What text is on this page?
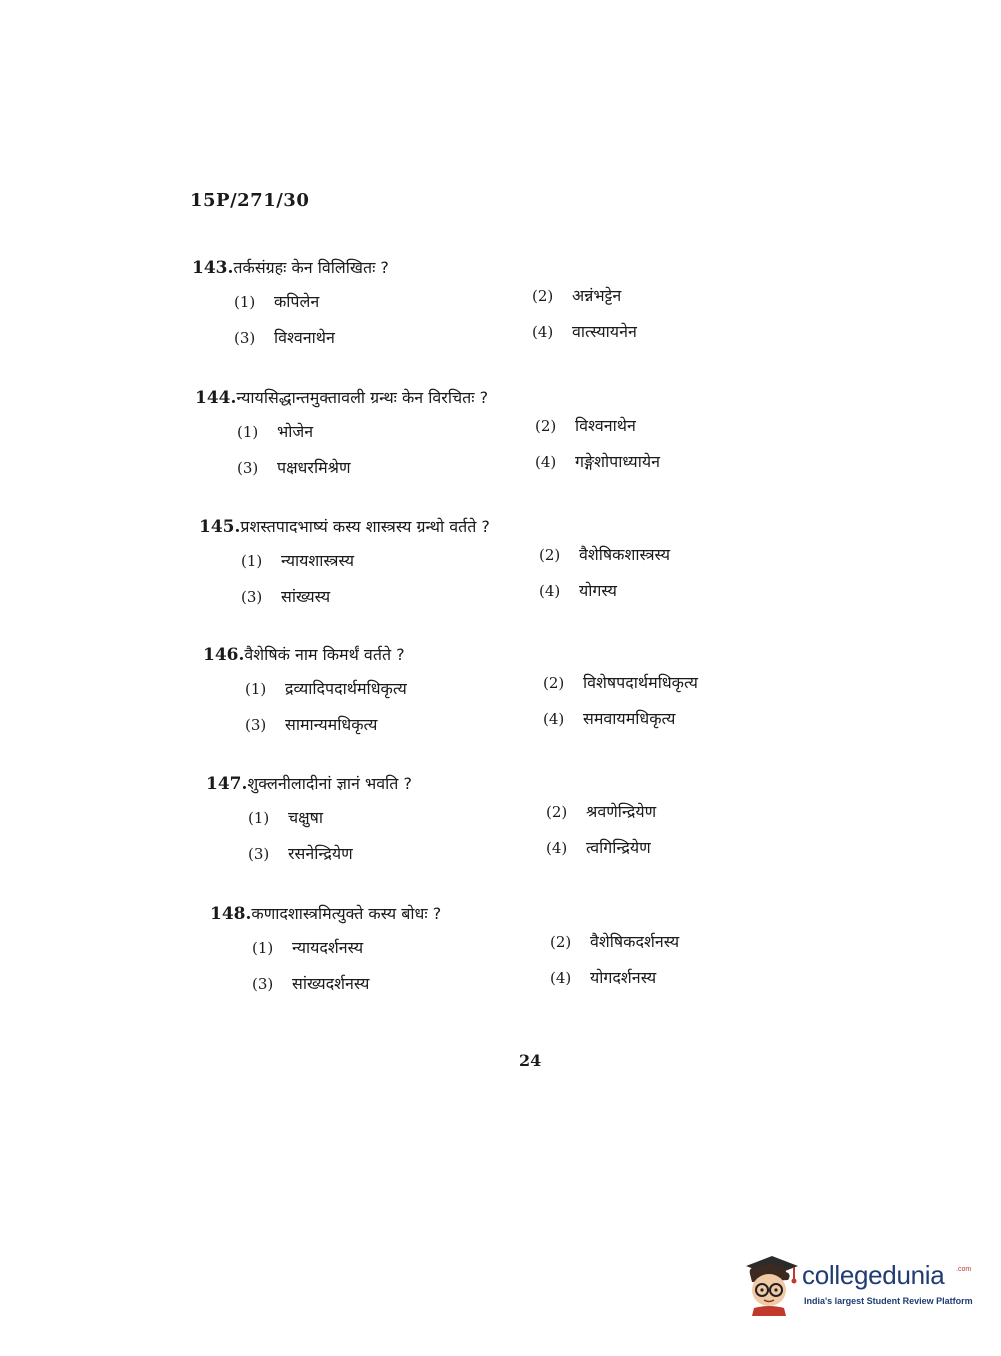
15P/271/30
143.तर्कसंग्रहः केन विलिखितः ?
(1) कपिलेन	(2) अन्नंभट्टेन
(3) विश्वनाथेन	(4) वात्स्यायनेन
144.न्यायसिद्धान्तमुक्तावली ग्रन्थः केन विरचितः ?
(1) भोजेन	(2) विश्वनाथेन
(3) पक्षधरमिश्रेण	(4) गङ्गेशोपाध्यायेन
145.प्रशस्तपादभाष्यं कस्य शास्त्रस्य ग्रन्थो वर्तते ?
(1) न्यायशास्त्रस्य	(2) वैशेषिकशास्त्रस्य
(3) सांख्यस्य	(4) योगस्य
146.वैशेषिकं नाम किमर्थं वर्तते ?
(1) द्रव्यादिपदार्थमधिकृत्य	(2) विशेषपदार्थमधिकृत्य
(3) सामान्यमधिकृत्य	(4) समवायमधिकृत्य
147.शुक्लनीलादीनां ज्ञानं भवति ?
(1) चक्षुषा	(2) श्रवणेन्द्रियेण
(3) रसनेन्द्रियेण	(4) त्वगिन्द्रियेण
148.कणादशास्त्रमित्युक्ते कस्य बोधः ?
(1) न्यायदर्शनस्य	(2) वैशेषिकदर्शनस्य
(3) सांख्यदर्शनस्य	(4) योगदर्शनस्य
24
collegedunia .com
India's largest Student Review Platform
